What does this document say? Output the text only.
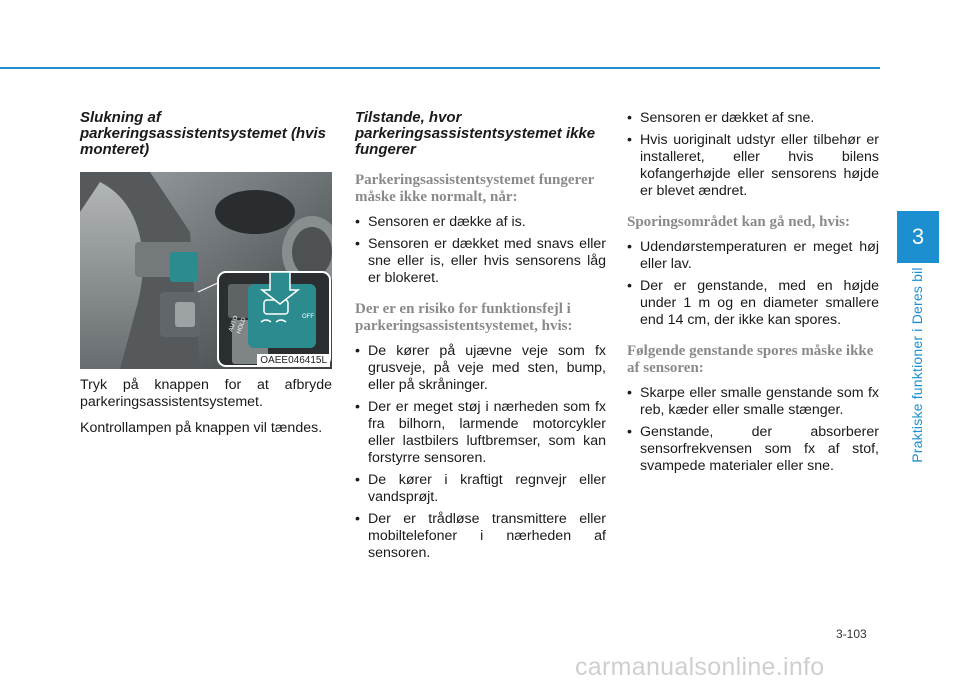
Slukning af parkeringsassistentsystemet (hvis monteret)
AUTO
HOLD	OFF
OAEE046415L

Tryk på knappen for at afbryde parkeringsassistentsystemet.

Kontrollampen på knappen vil tændes.

Tilstande, hvor parkeringsassistentsystemet ikke fungerer
Parkeringsassistentsystemet fungerer måske ikke normalt, når:
• Sensoren er dække af is.
• Sensoren er dækket med snavs eller sne eller is, eller hvis sensorens låg er blokeret.
Der er en risiko for funktionsfejl i parkeringsassistentsystemet, hvis:
• De kører på ujævne veje som fx grusveje, på veje med sten, bump, eller på skråninger.
• Der er meget støj i nærheden som fx fra bilhorn, larmende motorcykler eller lastbilers luftbremser, som kan forstyrre sensoren.
• De kører i kraftigt regnvejr eller vandsprøjt.
• Der er trådløse transmittere eller mobiltelefoner i nærheden af sensoren.
• Sensoren er dækket af sne.
• Hvis uoriginalt udstyr eller tilbehør er installeret, eller hvis bilens kofangerhøjde eller sensorens højde er blevet ændret.
Sporingsområdet kan gå ned, hvis:
• Udendørstemperaturen er meget høj eller lav.
• Der er genstande, med en højde under 1 m og en diameter smallere end 14 cm, der ikke kan spores.
Følgende genstande spores måske ikke af sensoren:
• Skarpe eller smalle genstande som fx reb, kæder eller smalle stænger.
• Genstande, der absorberer sensorfrekvensen som fx af stof, svampede materialer eller sne.
3
Praktiske funktioner i Deres bil
3-103
carmanualsonline.info
